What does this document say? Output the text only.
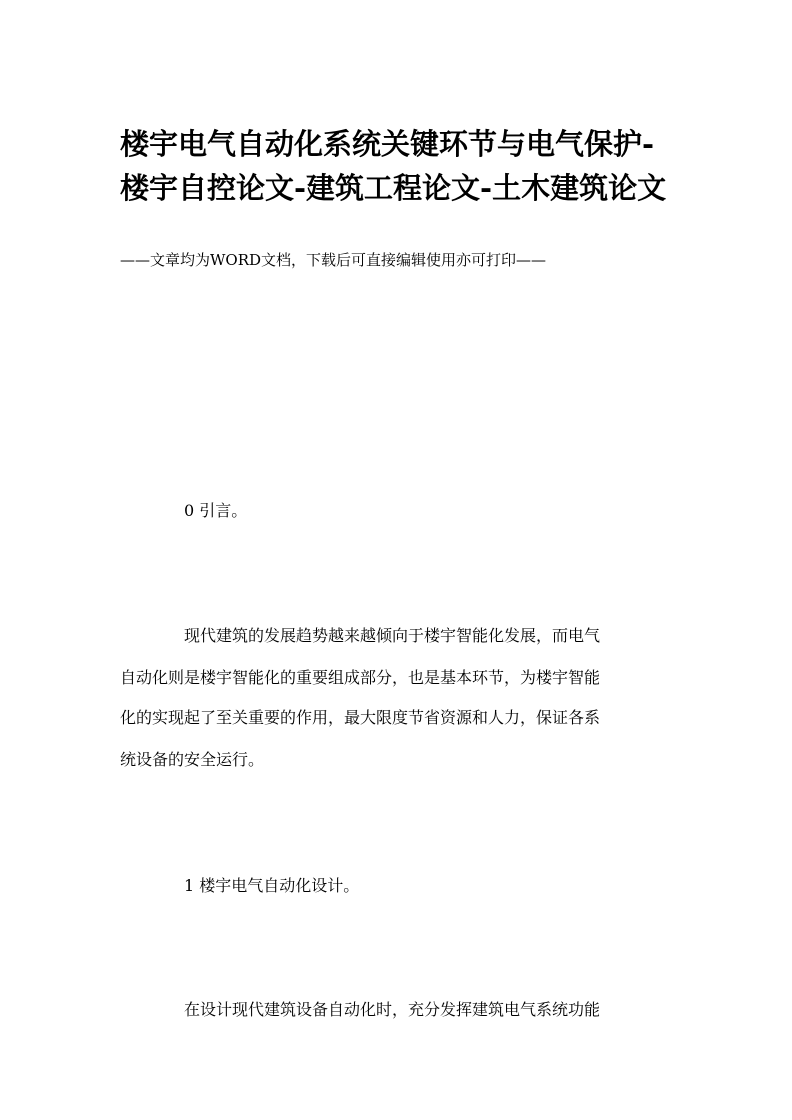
楼宇电气自动化系统关键环节与电气保护-
楼宇自控论文-建筑工程论文-土木建筑论文

——文章均为WORD文档，下载后可直接编辑使用亦可打印——

0 引言。

现代建筑的发展趋势越来越倾向于楼宇智能化发展，而电气

自动化则是楼宇智能化的重要组成部分，也是基本环节，为楼宇智能

化的实现起了至关重要的作用，最大限度节省资源和人力，保证各系

统设备的安全运行。

1 楼宇电气自动化设计。

在设计现代建筑设备自动化时，充分发挥建筑电气系统功能
